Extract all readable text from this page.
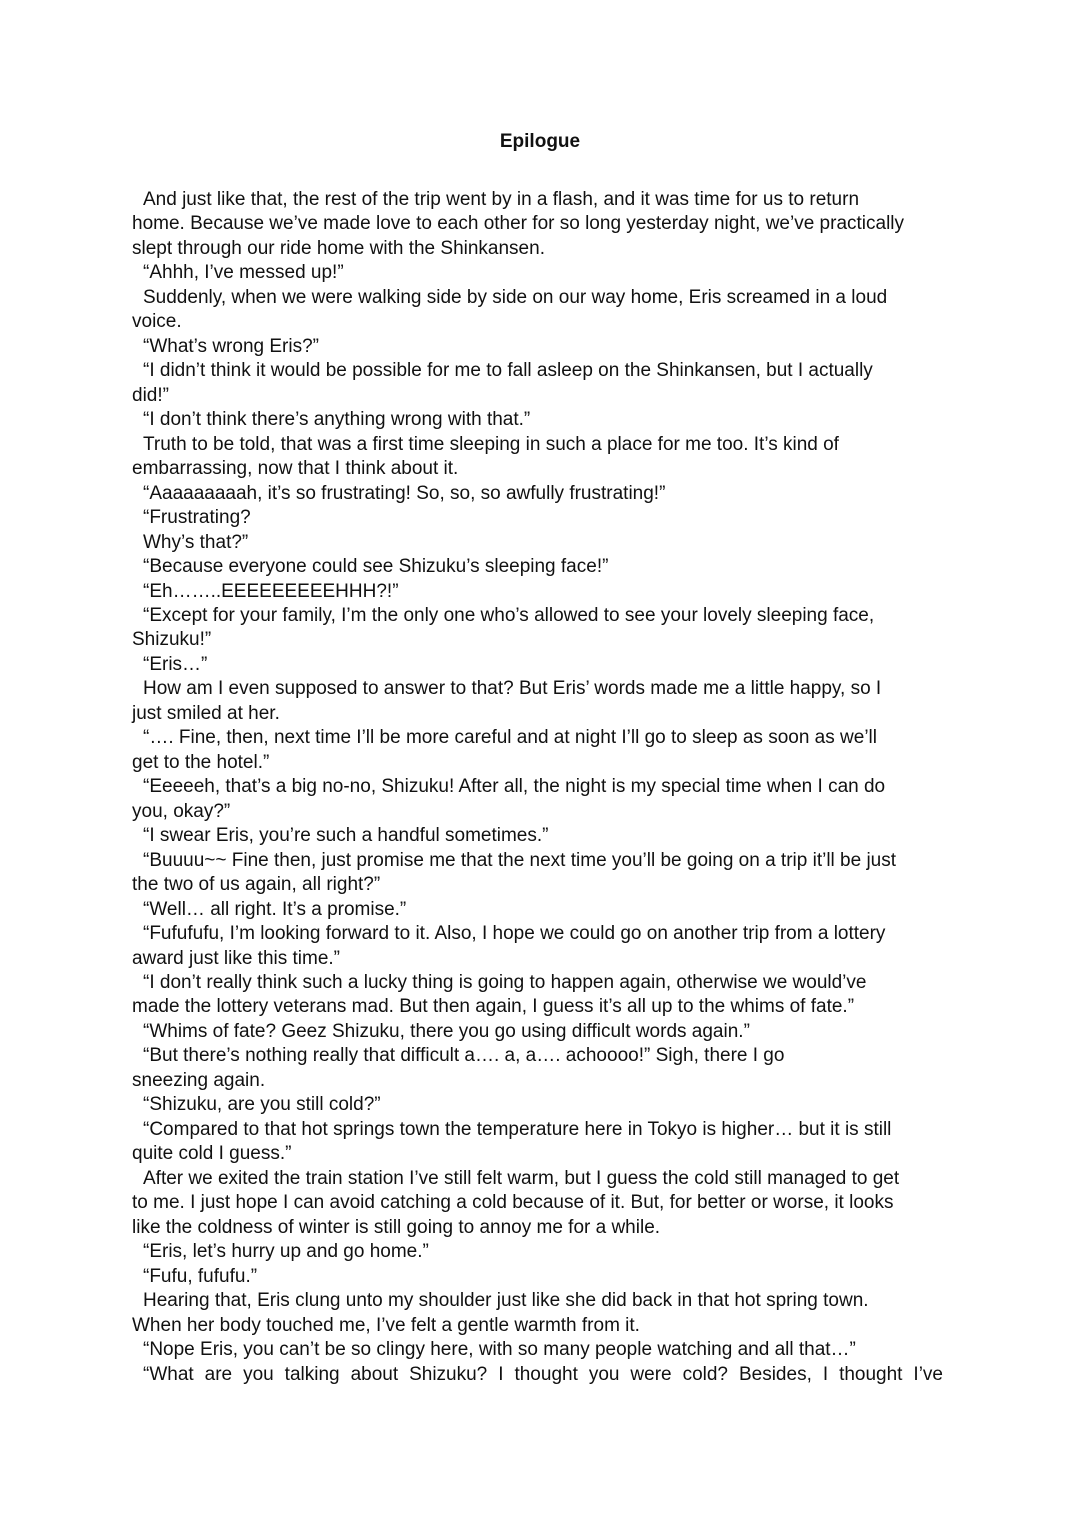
Epilogue
And just like that, the rest of the trip went by in a flash, and it was time for us to return
home. Because we’ve made love to each other for so long yesterday night, we’ve practically
slept through our ride home with the Shinkansen.
“Ahhh, I’ve messed up!”
Suddenly, when we were walking side by side on our way home, Eris screamed in a loud
voice.
“What’s wrong Eris?”
“I didn’t think it would be possible for me to fall asleep on the Shinkansen, but I actually
did!”
“I don’t think there’s anything wrong with that.”
Truth to be told, that was a first time sleeping in such a place for me too. It’s kind of
embarrassing, now that I think about it.
“Aaaaaaaaah, it’s so frustrating! So, so, so awfully frustrating!”
“Frustrating?
Why’s that?”
“Because everyone could see Shizuku’s sleeping face!”
“Eh……..EEEEEEEEEHHH?!”
“Except for your family, I’m the only one who’s allowed to see your lovely sleeping face,
Shizuku!”
“Eris…”
How am I even supposed to answer to that? But Eris’ words made me a little happy, so I
just smiled at her.
“…. Fine, then, next time I’ll be more careful and at night I’ll go to sleep as soon as we’ll
get to the hotel.”
“Eeeeeh, that’s a big no-no, Shizuku! After all, the night is my special time when I can do
you, okay?”
“I swear Eris, you’re such a handful sometimes.”
“Buuuu~~ Fine then, just promise me that the next time you’ll be going on a trip it’ll be just
the two of us again, all right?”
“Well… all right. It’s a promise.”
“Fufufufu, I’m looking forward to it. Also, I hope we could go on another trip from a lottery
award just like this time.”
“I don’t really think such a lucky thing is going to happen again, otherwise we would’ve
made the lottery veterans mad. But then again, I guess it’s all up to the whims of fate.”
“Whims of fate? Geez Shizuku, there you go using difficult words again.”
“But there’s nothing really that difficult a…. a, a…. achoooo!” Sigh, there I go
sneezing again.
“Shizuku, are you still cold?”
“Compared to that hot springs town the temperature here in Tokyo is higher… but it is still
quite cold I guess.”
After we exited the train station I’ve still felt warm, but I guess the cold still managed to get
to me. I just hope I can avoid catching a cold because of it. But, for better or worse, it looks
like the coldness of winter is still going to annoy me for a while.
“Eris, let’s hurry up and go home.”
“Fufu, fufufu.”
Hearing that, Eris clung unto my shoulder just like she did back in that hot spring town.
When her body touched me, I’ve felt a gentle warmth from it.
“Nope Eris, you can’t be so clingy here, with so many people watching and all that…”
“What are you talking about Shizuku? I thought you were cold? Besides, I thought I’ve
